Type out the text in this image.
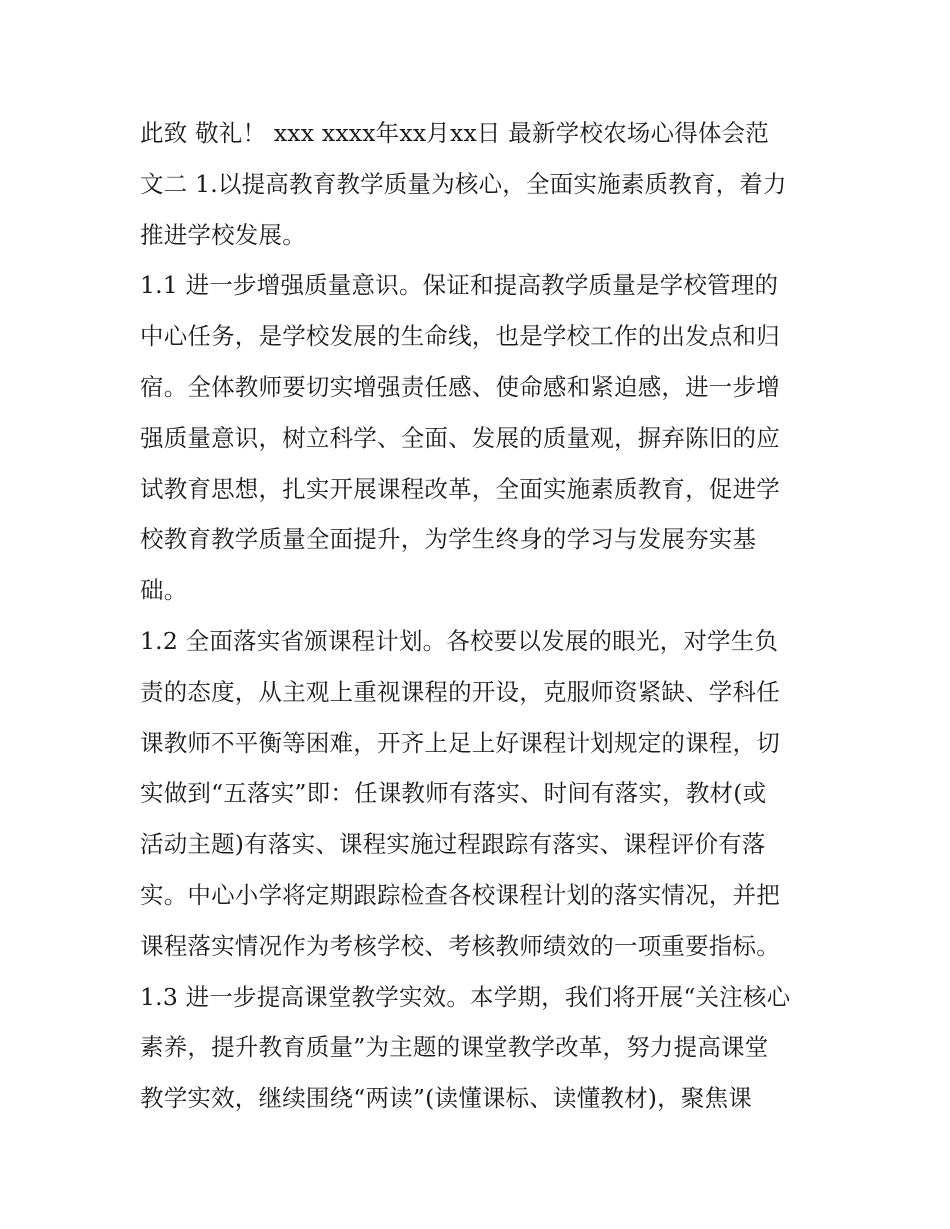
此致 敬礼！ xxx xxxx年xx月xx日 最新学校农场心得体会范
文二 1.以提高教育教学质量为核心，全面实施素质教育，着力
推进学校发展。
1.1 进一步增强质量意识。保证和提高教学质量是学校管理的
中心任务，是学校发展的生命线，也是学校工作的出发点和归
宿。全体教师要切实增强责任感、使命感和紧迫感，进一步增
强质量意识，树立科学、全面、发展的质量观，摒弃陈旧的应
试教育思想，扎实开展课程改革，全面实施素质教育，促进学
校教育教学质量全面提升，为学生终身的学习与发展夯实基
础。
1.2 全面落实省颁课程计划。各校要以发展的眼光，对学生负
责的态度，从主观上重视课程的开设，克服师资紧缺、学科任
课教师不平衡等困难，开齐上足上好课程计划规定的课程，切
实做到“五落实”即：任课教师有落实、时间有落实，教材(或
活动主题)有落实、课程实施过程跟踪有落实、课程评价有落
实。中心小学将定期跟踪检查各校课程计划的落实情况，并把
课程落实情况作为考核学校、考核教师绩效的一项重要指标。
1.3 进一步提高课堂教学实效。本学期，我们将开展“关注核心
素养，提升教育质量”为主题的课堂教学改革，努力提高课堂
教学实效，继续围绕“两读”(读懂课标、读懂教材)，聚焦课
